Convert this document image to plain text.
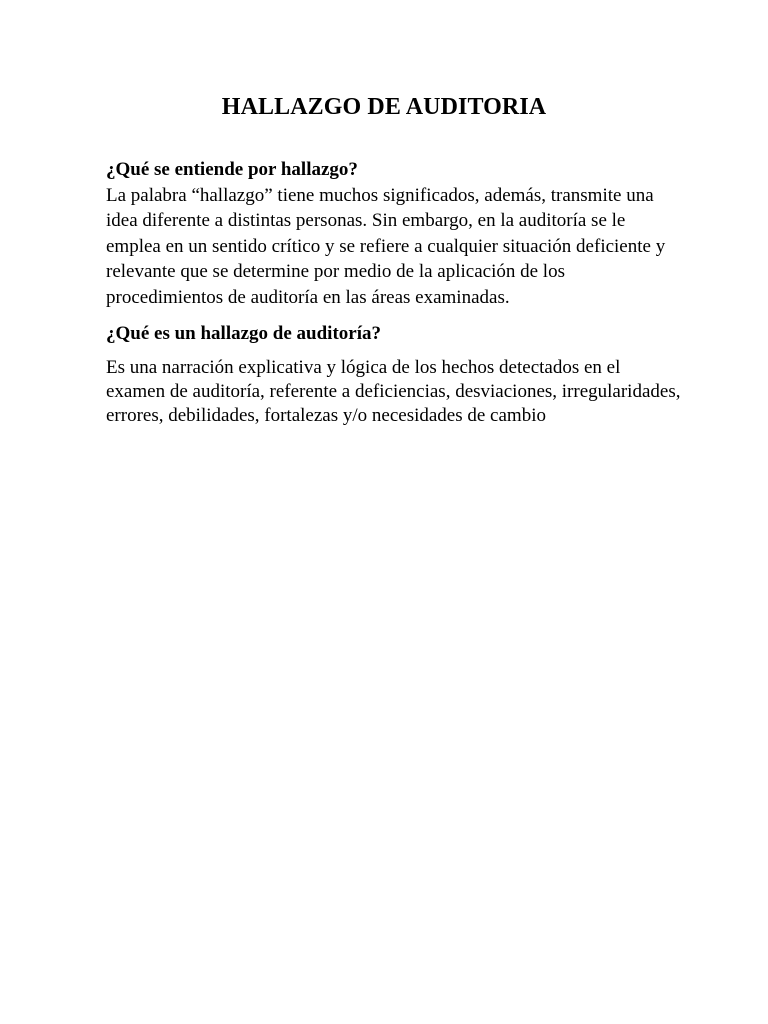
HALLAZGO DE AUDITORIA

¿Qué se entiende por hallazgo?

La palabra “hallazgo” tiene muchos significados, además, transmite una idea diferente a distintas personas. Sin embargo, en la auditoría se le emplea en un sentido crítico y se refiere a cualquier situación deficiente y relevante que se determine por medio de la aplicación de los procedimientos de auditoría en las áreas examinadas.

¿Qué es un hallazgo de auditoría?

Es una narración explicativa y lógica de los hechos detectados en el examen de auditoría, referente a deficiencias, desviaciones, irregularidades, errores, debilidades, fortalezas y/o necesidades de cambio
